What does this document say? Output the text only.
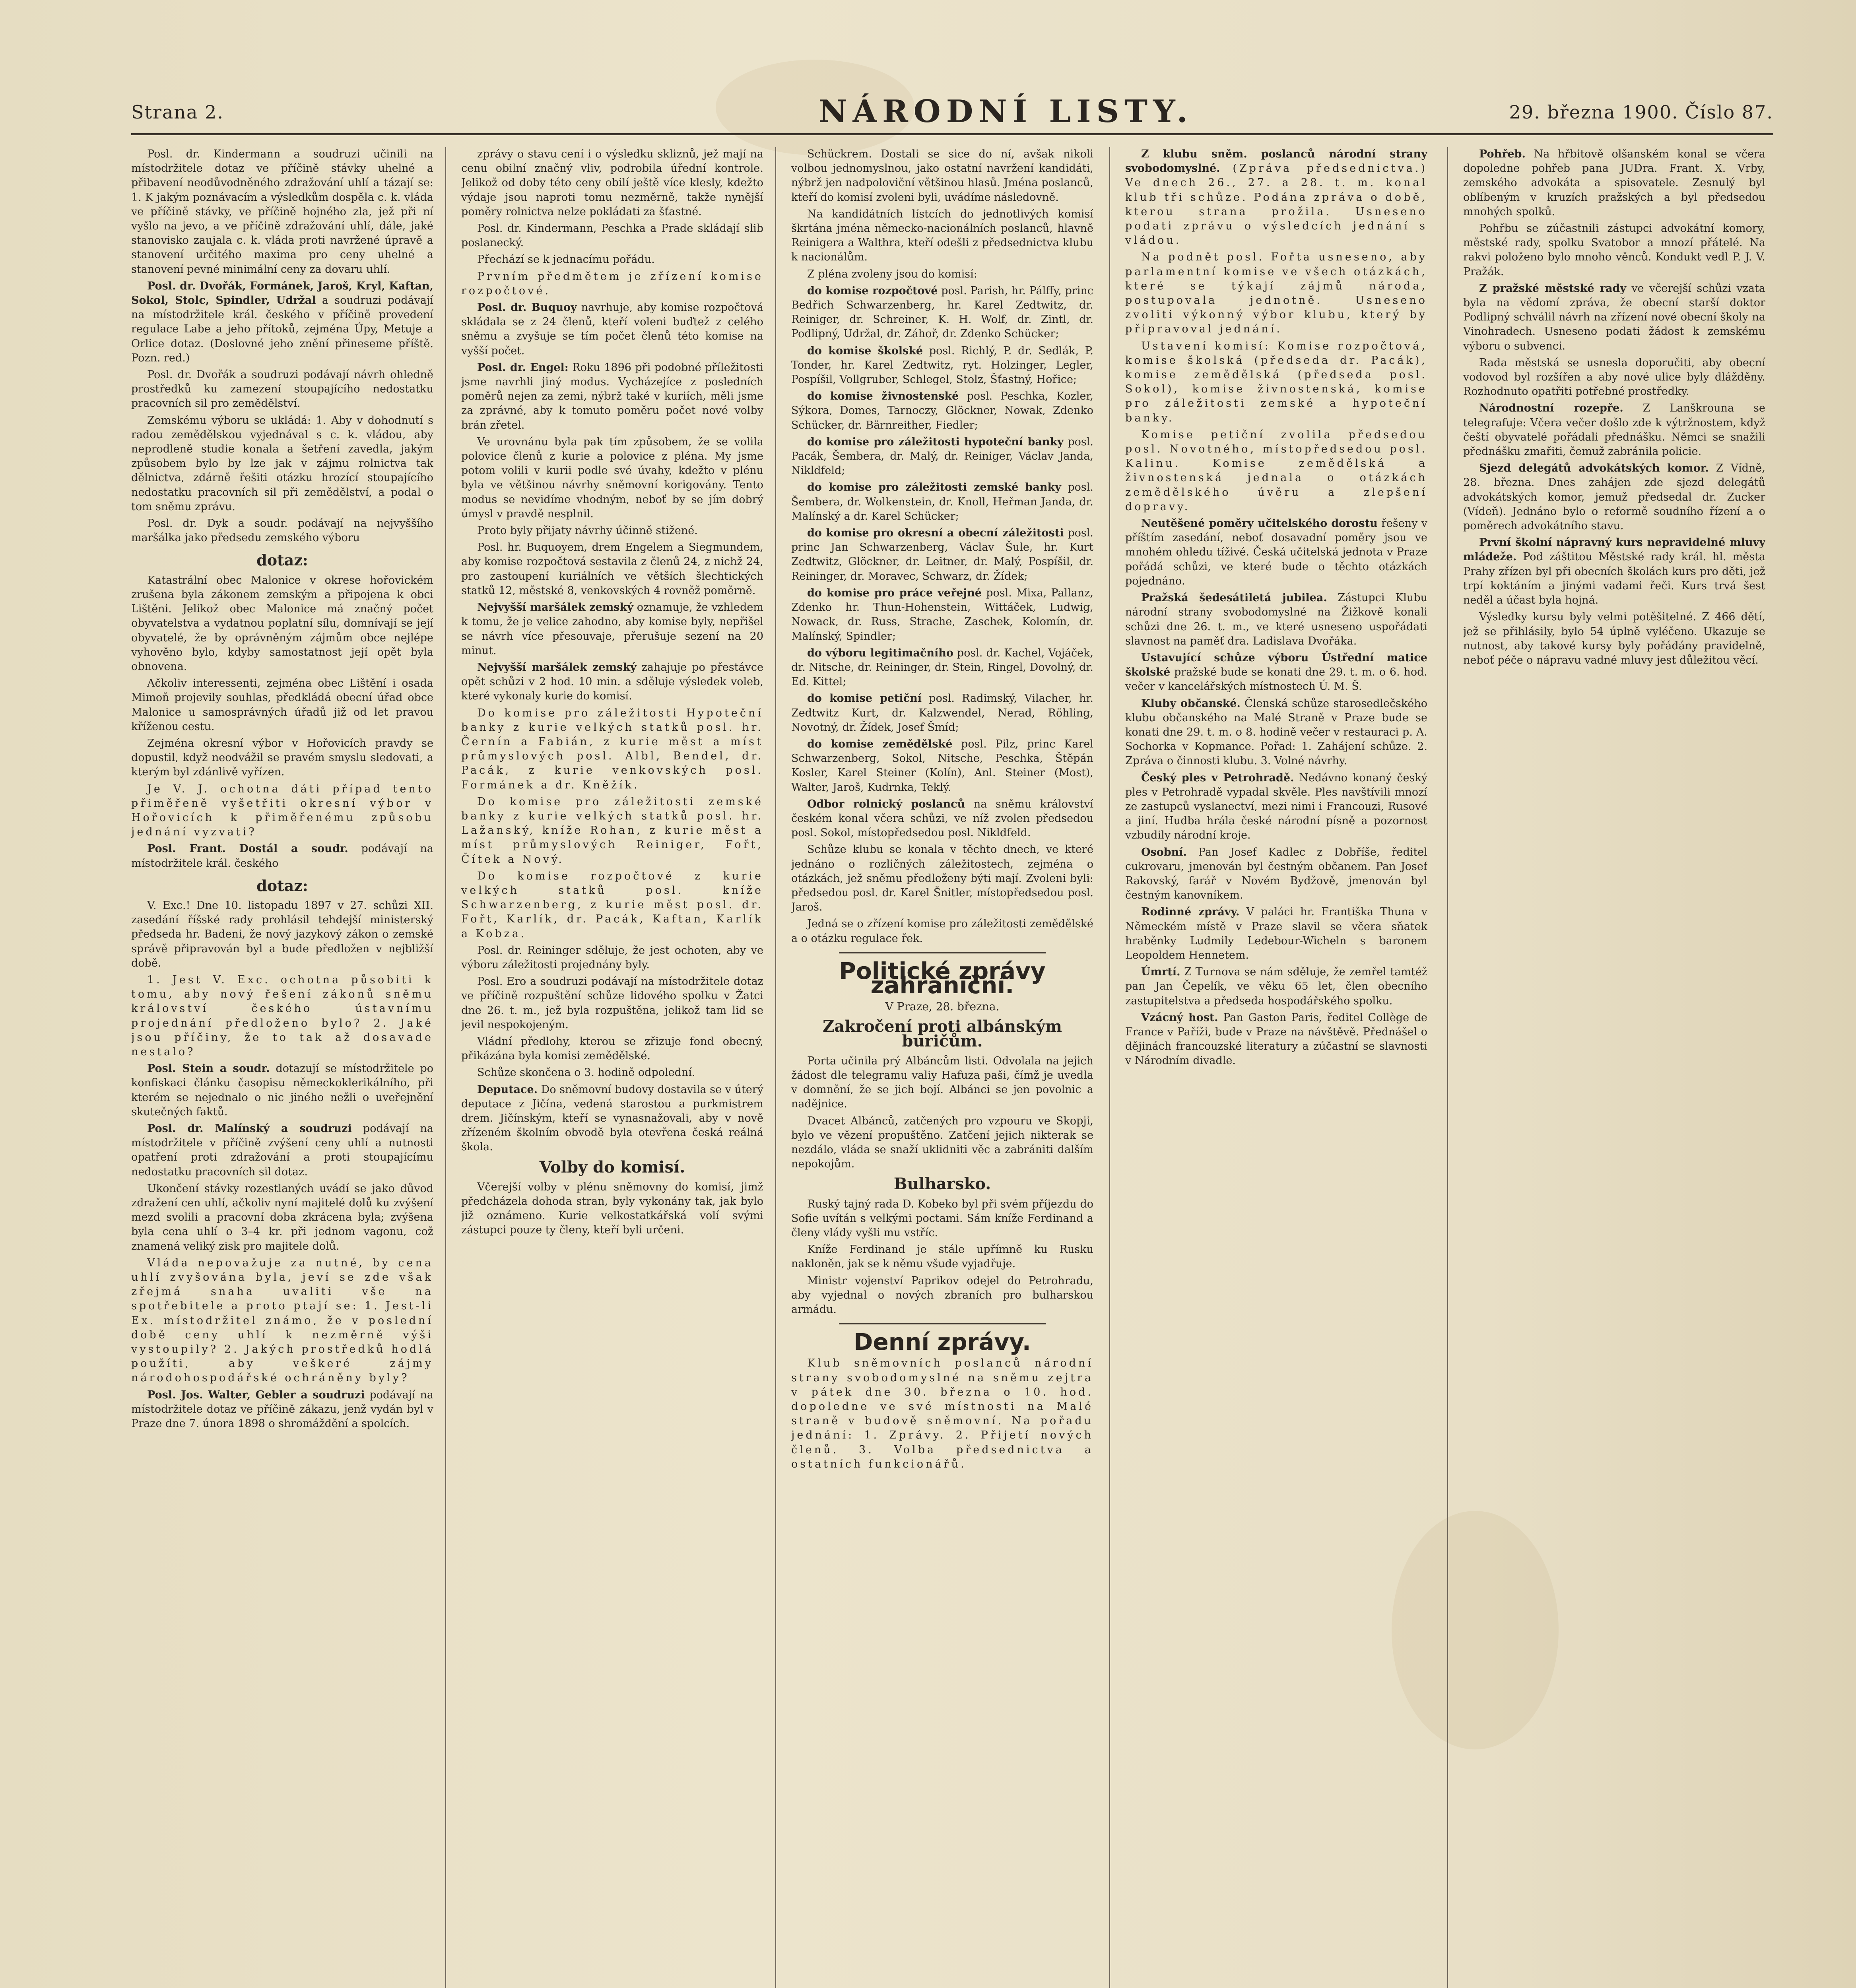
Strana 2.	NÁRODNÍ LISTY.	29. března 1900. Číslo 87.

Posl. dr. Kindermann a soudruzi učinili na místodržitele dotaz ve příčině stávky uhelné a přibavení neodůvodněného zdražování uhlí a tázají se: 1. K jakým poznávacím a výsledkům dospěla c. k. vláda ve příčině stávky, ve příčině hojného zla, jež při ní vyšlo na jevo, a ve příčině zdražování uhlí, dále, jaké stanovisko zaujala c. k. vláda proti navržené úpravě a stanovení určitého maxima pro ceny uhelné a stanovení pevné minimální ceny za dovaru uhlí.

Posl. dr. Dvořák, Formánek, Jaroš, Kryl, Kaftan, Sokol, Stolc, Spindler, Udržal a soudruzi podávají na místodržitele král. českého v příčině provedení regulace Labe a jeho přítoků, zejména Úpy, Metuje a Orlice dotaz. (Doslovné jeho znění přineseme příště. Pozn. red.)

Posl. dr. Dvořák a soudruzi podávají návrh ohledně prostředků ku zamezení stoupajícího nedostatku pracovních sil pro zemědělství.

Zemskému výboru se ukládá: 1. Aby v dohodnutí s radou zemědělskou vyjednával s c. k. vládou, aby neprodleně studie konala a šetření zavedla, jakým způsobem bylo by lze jak v zájmu rolnictva tak dělnictva, zdárně řešiti otázku hrozící stoupajícího nedostatku pracovních sil při zemědělství, a podal o tom sněmu zprávu.

Posl. dr. Dyk a soudr. podávají na nejvyššího maršálka jako předsedu zemského výboru

dotaz:

Katastrální obec Malonice v okrese hořovickém zrušena byla zákonem zemským a připojena k obci Lištěni. Jelikož obec Malonice má značný počet obyvatelstva a vydatnou poplatní sílu, domnívají se její obyvatelé, že by oprávněným zájmům obce nejlépe vyhověno bylo, kdyby samostatnost její opět byla obnovena.

Ačkoliv interessenti, zejména obec Lištění i osada Mimoň projevily souhlas, předkládá obecní úřad obce Malonice u samosprávných úřadů již od let pravou kříženou cestu.

Zejména okresní výbor v Hořovicích pravdy se dopustil, když neodvážil se pravém smyslu sledovati, a kterým byl zdánlivě vyřízen.

Je V. J. ochotna dáti případ tento přiměřeně vyšetřiti okresní výbor v Hořovicích k přiměřenému způsobu jednání vyzvati?

Posl. Frant. Dostál a soudr. podávají na místodržitele král. českého

dotaz:

V. Exc.! Dne 10. listopadu 1897 v 27. schůzi XII. zasedání říšské rady prohlásil tehdejší ministerský předseda hr. Badeni, že nový jazykový zákon o zemské správě připravován byl a bude předložen v nejbližší době.

1. Jest V. Exc. ochotna působiti k tomu, aby nový řešení zákonů sněmu království českého ústavnímu projednání předloženo bylo? 2. Jaké jsou příčiny, že to tak až dosavade nestalo?

Posl. Stein a soudr. dotazují se místodržitele po konfiskaci článku časopisu německoklerikálního, při kterém se nejednalo o nic jiného nežli o uveřejnění skutečných faktů.

Posl. dr. Malínský a soudruzi podávají na místodržitele v příčině zvýšení ceny uhlí a nutnosti opatření proti zdražování a proti stoupajícímu nedostatku pracovních sil dotaz.

Ukončení stávky rozestlaných uvádí se jako důvod zdražení cen uhlí, ačkoliv nyní majitelé dolů ku zvýšení mezd svolili a pracovní doba zkrácena byla; zvýšena byla cena uhlí o 3–4 kr. při jednom vagonu, což znamená veliký zisk pro majitele dolů.

Vláda nepovažuje za nutné, by cena uhlí zvyšována byla, jeví se zde však zřejmá snaha uvaliti vše na spotřebitele a proto ptají se: 1. Jest-li Ex. místodržitel známo, že v poslední době ceny uhlí k nezměrně výši vystoupily? 2. Jakých prostředků hodlá použíti, aby veškeré zájmy národohospodářské ochráněny byly?

Posl. Jos. Walter, Gebler a soudruzi podávají na místodržitele dotaz ve příčině zákazu, jenž vydán byl v Praze dne 7. února 1898 o shromáždění a spolcích.

zprávy o stavu cení i o výsledku skliznů, jež mají na cenu obilní značný vliv, podrobila úřední kontrole. Jelikož od doby této ceny obilí ještě více klesly, kdežto výdaje jsou naproti tomu nezměrně, takže nynější poměry rolnictva nelze pokládati za šťastné.

Posl. dr. Kindermann, Peschka a Prade skládají slib poslanecký.

Přechází se k jednacímu pořádu.

Prvním předmětem je zřízení komise rozpočtové.

Posl. dr. Buquoy navrhuje, aby komise rozpočtová skládala se z 24 členů, kteří voleni buďtež z celého sněmu a zvyšuje se tím počet členů této komise na vyšší počet.

Posl. dr. Engel: Roku 1896 při podobné příležitosti jsme navrhli jiný modus. Vycházejíce z posledních poměrů nejen za zemi, nýbrž také v kuriích, měli jsme za zprávné, aby k tomuto poměru počet nové volby brán zřetel.

Ve urovnánu byla pak tím způsobem, že se volila polovice členů z kurie a polovice z pléna. My jsme potom volili v kurii podle své úvahy, kdežto v plénu byla ve většinou návrhy sněmovní korigovány. Tento modus se nevidíme vhodným, neboť by se jím dobrý úmysl v pravdě nesplnil.

Proto byly přijaty návrhy účinně stižené.

Posl. hr. Buquoyem, drem Engelem a Siegmundem, aby komise rozpočtová sestavila z členů 24, z nichž 24, pro zastoupení kuriálních ve větších šlechtických statků 12, městské 8, venkovských 4 rovněž poměrně.

Nejvyšší maršálek zemský oznamuje, že vzhledem k tomu, že je velice zahodno, aby komise byly, nepřišel se návrh více přesouvaje, přerušuje sezení na 20 minut.

Nejvyšší maršálek zemský zahajuje po přestávce opět schůzi v 2 hod. 10 min. a sděluje výsledek voleb, které vykonaly kurie do komisí.

Do komise pro záležitosti Hypoteční banky z kurie velkých statků posl. hr. Černín a Fabián, z kurie měst a míst průmyslových posl. Albl, Bendel, dr. Pacák, z kurie venkovských posl. Formánek a dr. Kněžík.

Do komise pro záležitosti zemské banky z kurie velkých statků posl. hr. Lažanský, kníže Rohan, z kurie měst a míst průmyslových Reiniger, Fořt, Čítek a Nový.

Do komise rozpočtové z kurie velkých statků posl. kníže Schwarzenberg, z kurie měst posl. dr. Fořt, Karlík, dr. Pacák, Kaftan, Karlík a Kobza.

Posl. dr. Reininger sděluje, že jest ochoten, aby ve výboru záležitosti projednány byly.

Posl. Ero a soudruzi podávají na místodržitele dotaz ve příčině rozpuštění schůze lidového spolku v Žatci dne 26. t. m., jež byla rozpuštěna, jelikož tam lid se jevil nespokojeným.

Vládní předlohy, kterou se zřizuje fond obecný, přikázána byla komisi zemědělské.

Schůze skončena o 3. hodině odpolední.

Deputace. Do sněmovní budovy dostavila se v úterý deputace z Jičína, vedená starostou a purkmistrem drem. Jičínským, kteří se vynasnažovali, aby v nově zřízeném školním obvodě byla otevřena česká reálná škola.

Volby do komisí.

Včerejší volby v plénu sněmovny do komisí, jimž předcházela dohoda stran, byly vykonány tak, jak bylo již oznámeno. Kurie velkostatkářská volí svými zástupci pouze ty členy, kteří byli určeni.

Schückrem. Dostali se sice do ní, avšak nikoli volbou jednomyslnou, jako ostatní navržení kandidáti, nýbrž jen nadpoloviční většinou hlasů. Jména poslanců, kteří do komisí zvoleni byli, uvádíme následovně.

Na kandidátních lístcích do jednotlivých komisí škrtána jména německo-nacionálních poslanců, hlavně Reinigera a Walthra, kteří odešli z předsednictva klubu k nacionálům.

Z pléna zvoleny jsou do komisí:

do komise rozpočtové posl. Parish, hr. Pálffy, princ Bedřich Schwarzenberg, hr. Karel Zedtwitz, dr. Reiniger, dr. Schreiner, K. H. Wolf, dr. Zintl, dr. Podlipný, Udržal, dr. Záhoř, dr. Zdenko Schücker;

do komise školské posl. Richlý, P. dr. Sedlák, P. Tonder, hr. Karel Zedtwitz, ryt. Holzinger, Legler, Pospíšil, Vollgruber, Schlegel, Stolz, Šťastný, Hořice;

do komise živnostenské posl. Peschka, Kozler, Sýkora, Domes, Tarnoczy, Glöckner, Nowak, Zdenko Schücker, dr. Bärnreither, Fiedler;

do komise pro záležitosti hypoteční banky posl. Pacák, Šembera, dr. Malý, dr. Reiniger, Václav Janda, Nikldfeld;

do komise pro záležitosti zemské banky posl. Šembera, dr. Wolkenstein, dr. Knoll, Heřman Janda, dr. Malínský a dr. Karel Schücker;

do komise pro okresní a obecní záležitosti posl. princ Jan Schwarzenberg, Václav Šule, hr. Kurt Zedtwitz, Glöckner, dr. Leitner, dr. Malý, Pospíšil, dr. Reininger, dr. Moravec, Schwarz, dr. Žídek;

do komise pro práce veřejné posl. Mixa, Pallanz, Zdenko hr. Thun-Hohenstein, Wittáček, Ludwig, Nowack, dr. Russ, Strache, Zaschek, Kolomín, dr. Malínský, Spindler;

do výboru legitimačního posl. dr. Kachel, Vojáček, dr. Nitsche, dr. Reininger, dr. Stein, Ringel, Dovolný, dr. Ed. Kittel;

do komise petiční posl. Radimský, Vilacher, hr. Zedtwitz Kurt, dr. Kalzwendel, Nerad, Röhling, Novotný, dr. Žídek, Josef Šmíd;

do komise zemědělské posl. Pilz, princ Karel Schwarzenberg, Sokol, Nitsche, Peschka, Štěpán Kosler, Karel Steiner (Kolín), Anl. Steiner (Most), Walter, Jaroš, Kudrnka, Teklý.

Odbor rolnický poslanců na sněmu království českém konal včera schůzi, ve níž zvolen předsedou posl. Sokol, místopředsedou posl. Nikldfeld.

Schůze klubu se konala v těchto dnech, ve které jednáno o rozličných záležitostech, zejména o otázkách, jež sněmu předloženy býti mají. Zvoleni byli: předsedou posl. dr. Karel Šnitler, místopředsedou posl. Jaroš.

Jedná se o zřízení komise pro záležitosti zemědělské a o otázku regulace řek.

Politické zprávy zahraniční.
V Praze, 28. března.
Zakročení proti albánským buričům.

Porta učinila prý Albáncům listi. Odvolala na jejich žádost dle telegramu valiy Hafuza paši, čímž je uvedla v domnění, že se jich bojí. Albánci se jen povolnic a nadějnice.

Dvacet Albánců, zatčených pro vzpouru ve Skopji, bylo ve vězení propuštěno. Zatčení jejich nikterak se nezdálo, vláda se snaží uklidniti věc a zabrániti dalším nepokojům.

Bulharsko.

Ruský tajný rada D. Kobeko byl při svém příjezdu do Sofie uvítán s velkými poctami. Sám kníže Ferdinand a členy vlády vyšli mu vstříc.

Kníže Ferdinand je stále upřímně ku Rusku nakloněn, jak se k němu všude vyjadřuje.

Ministr vojenství Paprikov odejel do Petrohradu, aby vyjednal o nových zbraních pro bulharskou armádu.

Denní zprávy.

Klub sněmovních poslanců národní strany svobodomyslné na sněmu zejtra v pátek dne 30. března o 10. hod. dopoledne ve své místnosti na Malé straně v budově sněmovní. Na pořadu jednání: 1. Zprávy. 2. Přijetí nových členů. 3. Volba předsednictva a ostatních funkcionářů.

Z klubu sněm. poslanců národní strany svobodomyslné. (Zpráva předsednictva.) Ve dnech 26., 27. a 28. t. m. konal klub tři schůze. Podána zpráva o době, kterou strana prožila. Usneseno podati zprávu o výsledcích jednání s vládou.

Na podnět posl. Fořta usneseno, aby parlamentní komise ve všech otázkách, které se týkají zájmů národa, postupovala jednotně. Usneseno zvoliti výkonný výbor klubu, který by připravoval jednání.

Ustavení komisí: Komise rozpočtová, komise školská (předseda dr. Pacák), komise zemědělská (předseda posl. Sokol), komise živnostenská, komise pro záležitosti zemské a hypoteční banky.

Komise petiční zvolila předsedou posl. Novotného, místopředsedou posl. Kalinu. Komise zemědělská a živnostenská jednala o otázkách zemědělského úvěru a zlepšení dopravy.

Neutěšené poměry učitelského dorostu řešeny v příštím zasedání, neboť dosavadní poměry jsou ve mnohém ohledu tíživé. Česká učitelská jednota v Praze pořádá schůzi, ve které bude o těchto otázkách pojednáno.

Pražská šedesátiletá jubilea. Zástupci Klubu národní strany svobodomyslné na Žižkově konali schůzi dne 26. t. m., ve které usneseno uspořádati slavnost na paměť dra. Ladislava Dvořáka.

Ustavující schůze výboru Ústřední matice školské pražské bude se konati dne 29. t. m. o 6. hod. večer v kancelářských místnostech Ú. M. Š.

Kluby občanské. Členská schůze starosedlečského klubu občanského na Malé Straně v Praze bude se konati dne 29. t. m. o 8. hodině večer v restauraci p. A. Sochorka v Kopmance. Pořad: 1. Zahájení schůze. 2. Zpráva o činnosti klubu. 3. Volné návrhy.

Český ples v Petrohradě. Nedávno konaný český ples v Petrohradě vypadal skvěle. Ples navštívili mnozí ze zastupců vyslanectví, mezi nimi i Francouzi, Rusové a jiní. Hudba hrála české národní písně a pozornost vzbudily národní kroje.

Osobní. Pan Josef Kadlec z Dobříše, ředitel cukrovaru, jmenován byl čestným občanem. Pan Josef Rakovský, farář v Novém Bydžově, jmenován byl čestným kanovníkem.

Rodinné zprávy. V paláci hr. Františka Thuna v Německém místě v Praze slavil se včera sňatek hraběnky Ludmily Ledebour-Wicheln s baronem Leopoldem Hennetem.

Úmrtí. Z Turnova se nám sděluje, že zemřel tamtéž pan Jan Čepelík, ve věku 65 let, člen obecního zastupitelstva a předseda hospodářského spolku.

Vzácný host. Pan Gaston Paris, ředitel Collège de France v Paříži, bude v Praze na návštěvě. Přednášel o dějinách francouzské literatury a zúčastní se slavnosti v Národním divadle.

Pohřeb. Na hřbitově olšanském konal se včera dopoledne pohřeb pana JUDra. Frant. X. Vrby, zemského advokáta a spisovatele. Zesnulý byl oblíbeným v kruzích pražských a byl předsedou mnohých spolků.

Pohřbu se zúčastnili zástupci advokátní komory, městské rady, spolku Svatobor a mnozí přátelé. Na rakvi položeno bylo mnoho věnců. Kondukt vedl P. J. V. Pražák.

Z pražské městské rady ve včerejší schůzi vzata byla na vědomí zpráva, že obecní starší doktor Podlipný schválil návrh na zřízení nové obecní školy na Vinohradech. Usneseno podati žádost k zemskému výboru o subvenci.

Rada městská se usnesla doporučiti, aby obecní vodovod byl rozšířen a aby nové ulice byly dlážděny. Rozhodnuto opatřiti potřebné prostředky.

Národnostní rozepře. Z Lanškrouna se telegrafuje: Včera večer došlo zde k výtržnostem, když čeští obyvatelé pořádali přednášku. Němci se snažili přednášku zmařiti, čemuž zabránila policie.

Sjezd delegátů advokátských komor. Z Vídně, 28. března. Dnes zahájen zde sjezd delegátů advokátských komor, jemuž předsedal dr. Zucker (Vídeň). Jednáno bylo o reformě soudního řízení a o poměrech advokátního stavu.

První školní nápravný kurs nepravidelné mluvy mládeže. Pod záštitou Městské rady král. hl. města Prahy zřízen byl při obecních školách kurs pro děti, jež trpí koktáním a jinými vadami řeči. Kurs trvá šest neděl a účast byla hojná.

Výsledky kursu byly velmi potěšitelné. Z 466 dětí, jež se přihlásily, bylo 54 úplně vyléčeno. Ukazuje se nutnost, aby takové kursy byly pořádány pravidelně, neboť péče o nápravu vadné mluvy jest důležitou věcí.
